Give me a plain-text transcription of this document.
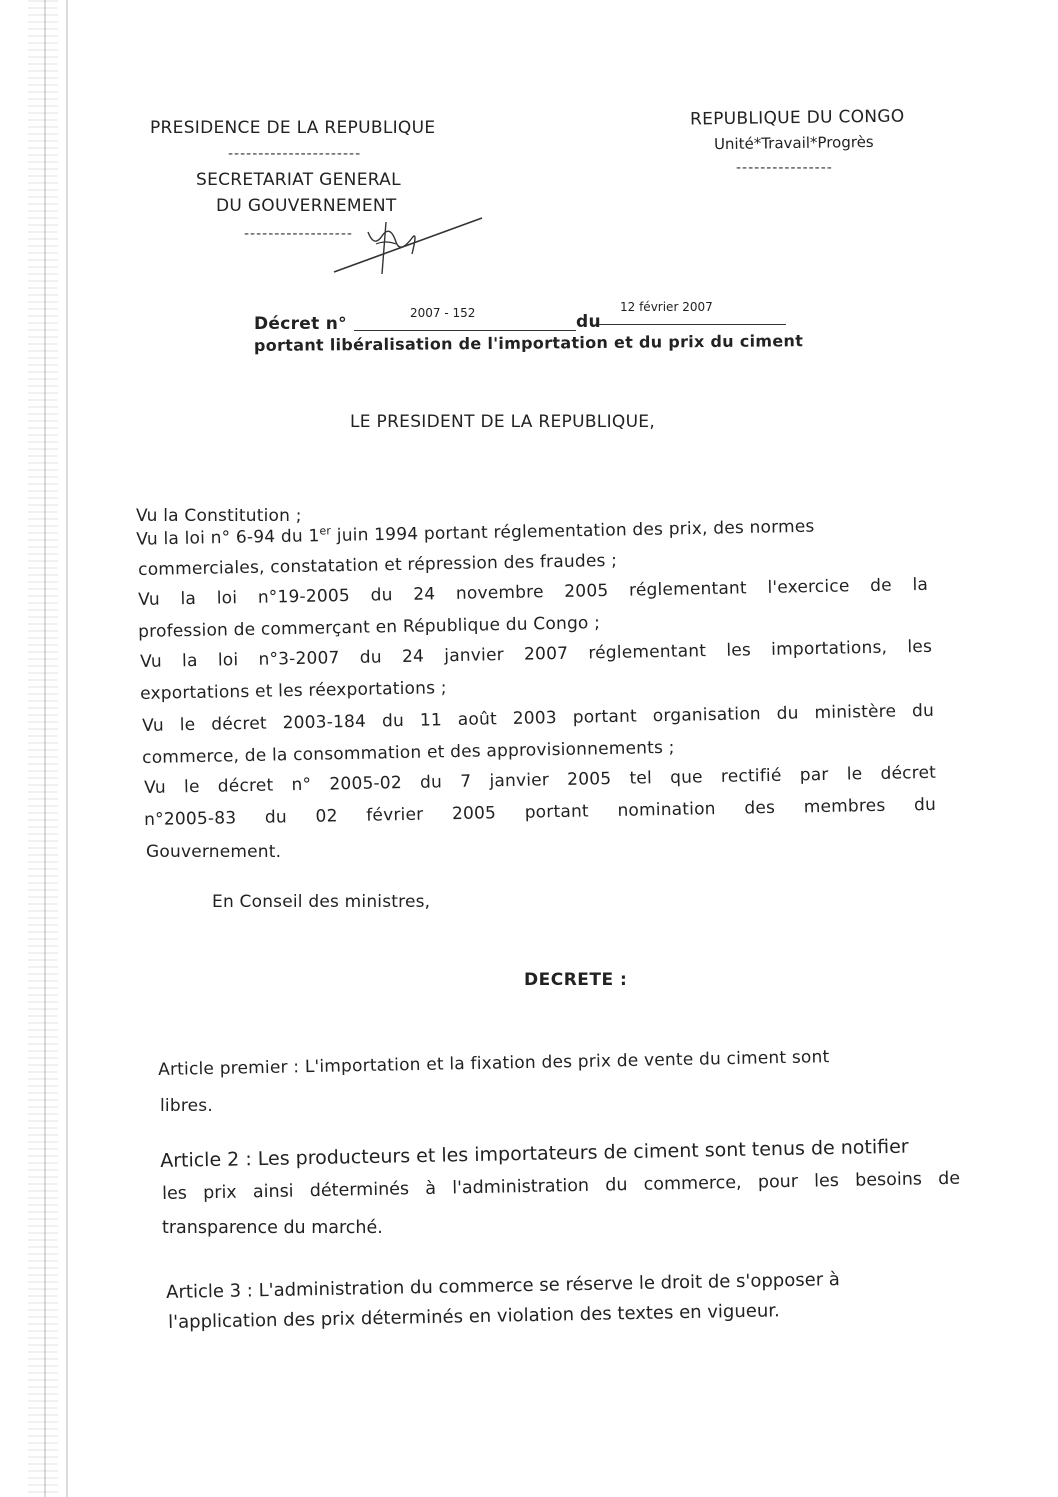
PRESIDENCE DE LA REPUBLIQUE
----------------------
SECRETARIAT GENERAL
DU GOUVERNEMENT
------------------
REPUBLIQUE DU CONGO
Unité*Travail*Progrès
----------------
Décret n°
2007 - 152	du
12 février 2007
portant libéralisation de l'importation et du prix du ciment
LE PRESIDENT DE LA REPUBLIQUE,
Vu la Constitution ;
Vu la loi n° 6-94 du 1er juin 1994 portant réglementation des prix, des normes
commerciales, constatation et répression des fraudes ;
Vu la loi n°19-2005 du 24 novembre 2005 réglementant l'exercice de la
profession de commerçant en République du Congo ;
Vu la loi n°3-2007 du 24 janvier 2007 réglementant les importations, les
exportations et les réexportations ;
Vu le décret 2003-184 du 11 août 2003 portant organisation du ministère du
commerce, de la consommation et des approvisionnements ;
Vu le décret n° 2005-02 du 7 janvier 2005 tel que rectifié par le décret
n°2005-83 du 02 février 2005 portant nomination des membres du
Gouvernement.
En Conseil des ministres,
DECRETE :
Article premier : L'importation et la fixation des prix de vente du ciment sont
libres.
Article 2 : Les producteurs et les importateurs de ciment sont tenus de notifier
les prix ainsi déterminés à l'administration du commerce, pour les besoins de
transparence du marché.
Article 3 : L'administration du commerce se réserve le droit de s'opposer à
l'application des prix déterminés en violation des textes en vigueur.
